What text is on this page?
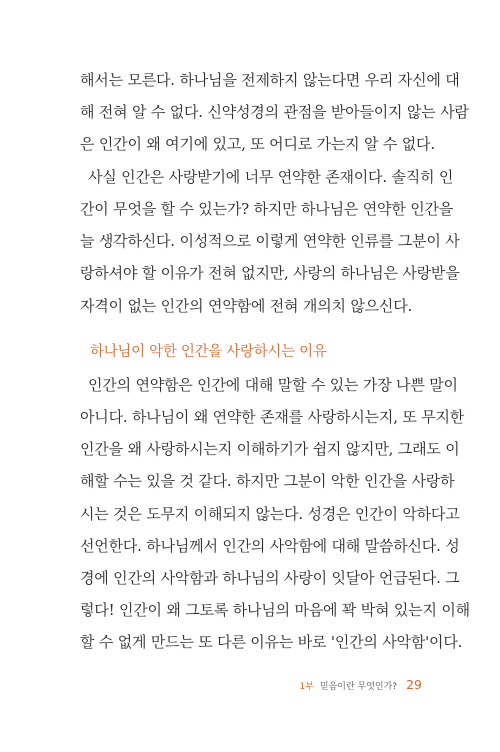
해서는 모른다. 하나님을 전제하지 않는다면 우리 자신에 대
해 전혀 알 수 없다. 신약성경의 관점을 받아들이지 않는 사람
은 인간이 왜 여기에 있고, 또 어디로 가는지 알 수 없다.
사실 인간은 사랑받기에 너무 연약한 존재이다. 솔직히 인
간이 무엇을 할 수 있는가? 하지만 하나님은 연약한 인간을
늘 생각하신다. 이성적으로 이렇게 연약한 인류를 그분이 사
랑하셔야 할 이유가 전혀 없지만, 사랑의 하나님은 사랑받을
자격이 없는 인간의 연약함에 전혀 개의치 않으신다.
하나님이 악한 인간을 사랑하시는 이유
인간의 연약함은 인간에 대해 말할 수 있는 가장 나쁜 말이
아니다. 하나님이 왜 연약한 존재를 사랑하시는지, 또 무지한
인간을 왜 사랑하시는지 이해하기가 쉽지 않지만, 그래도 이
해할 수는 있을 것 같다. 하지만 그분이 악한 인간을 사랑하
시는 것은 도무지 이해되지 않는다. 성경은 인간이 악하다고
선언한다. 하나님께서 인간의 사악함에 대해 말씀하신다. 성
경에 인간의 사악함과 하나님의 사랑이 잇달아 언급된다. 그
렇다! 인간이 왜 그토록 하나님의 마음에 꽉 박혀 있는지 이해
할 수 없게 만드는 또 다른 이유는 바로 '인간의 사악함'이다.
1부 믿음이란 무엇인가? 29
